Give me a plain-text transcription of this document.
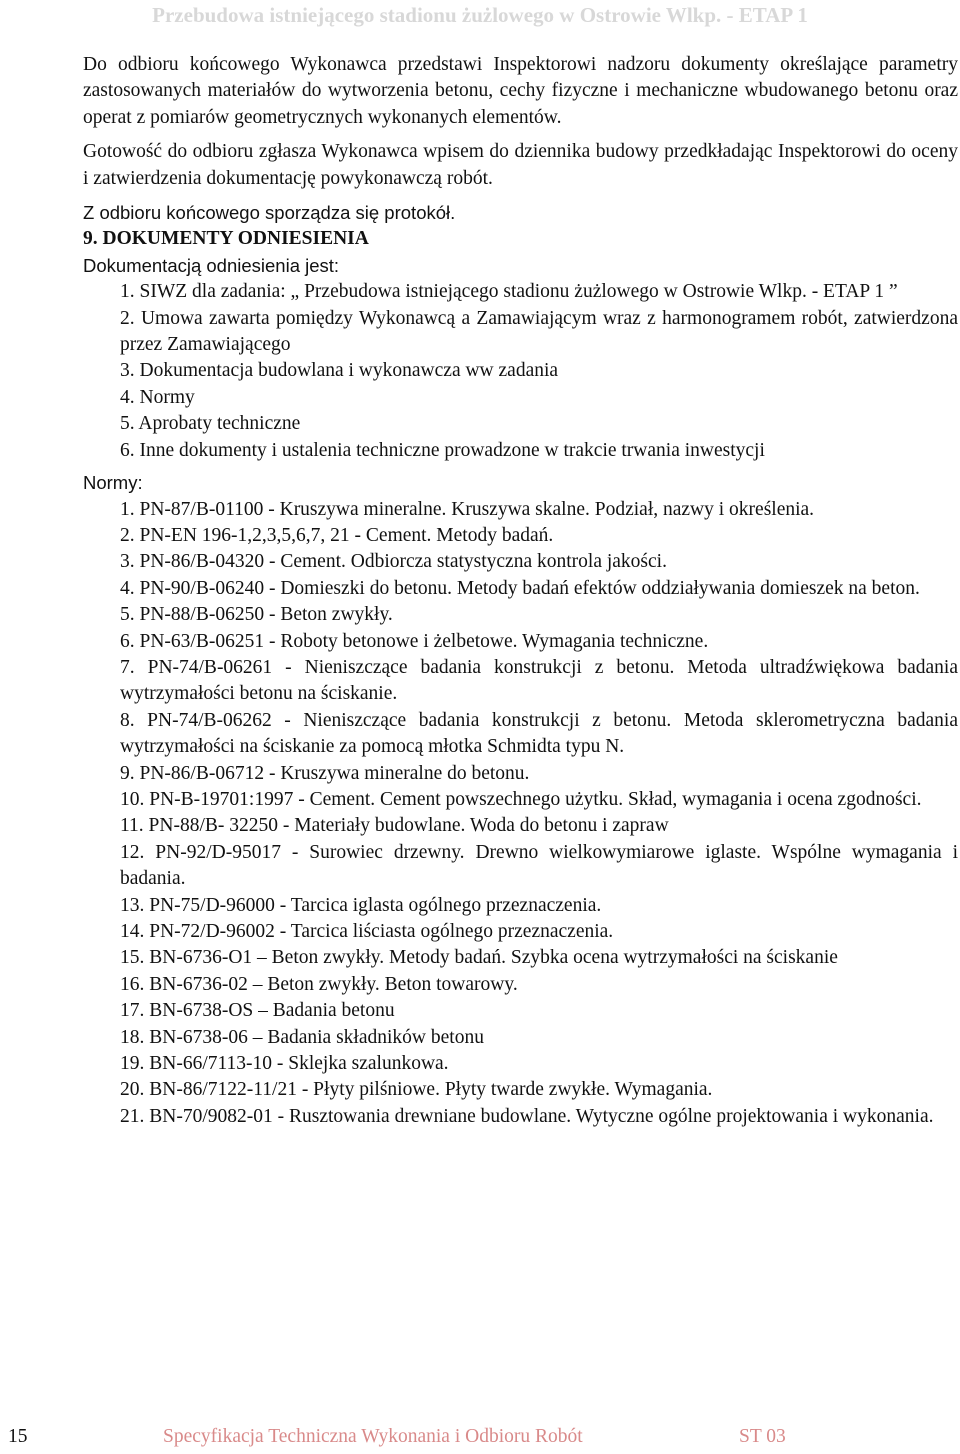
Przebudowa istniejącego stadionu żużlowego w Ostrowie Wlkp. - ETAP 1

Do odbioru końcowego Wykonawca przedstawi Inspektorowi nadzoru dokumenty określające parametry zastosowanych materiałów do wytworzenia betonu, cechy fizyczne i mechaniczne wbudowanego betonu oraz operat z pomiarów geometrycznych wykonanych elementów.

Gotowość do odbioru zgłasza Wykonawca wpisem do dziennika budowy przedkładając Inspektorowi do oceny i zatwierdzenia dokumentację powykonawczą robót.

Z odbioru końcowego sporządza się protokół.

9. DOKUMENTY ODNIESIENIA

Dokumentacją odniesienia jest:

1. SIWZ dla zadania: „ Przebudowa istniejącego stadionu żużlowego w Ostrowie Wlkp. - ETAP 1 ”
2. Umowa zawarta pomiędzy Wykonawcą a Zamawiającym wraz z harmonogramem robót, zatwierdzona przez Zamawiającego
3. Dokumentacja budowlana i wykonawcza ww zadania
4. Normy
5. Aprobaty techniczne
6. Inne dokumenty i ustalenia techniczne prowadzone w trakcie trwania inwestycji

Normy:

1. PN-87/B-01100 - Kruszywa mineralne. Kruszywa skalne. Podział, nazwy i określenia.
2. PN-EN 196-1,2,3,5,6,7, 21 - Cement. Metody badań.
3. PN-86/B-04320 - Cement. Odbiorcza statystyczna kontrola jakości.
4. PN-90/B-06240 - Domieszki do betonu. Metody badań efektów oddziaływania domieszek na beton.
5. PN-88/B-06250 - Beton zwykły.
6. PN-63/B-06251 - Roboty betonowe i żelbetowe. Wymagania techniczne.
7. PN-74/B-06261 - Nieniszczące badania konstrukcji z betonu. Metoda ultradźwiękowa badania wytrzymałości betonu na ściskanie.
8. PN-74/B-06262 - Nieniszczące badania konstrukcji z betonu. Metoda sklerometryczna badania wytrzymałości na ściskanie za pomocą młotka Schmidta typu N.
9. PN-86/B-06712 - Kruszywa mineralne do betonu.
10. PN-B-19701:1997 - Cement. Cement powszechnego użytku. Skład, wymagania i ocena zgodności.
11. PN-88/B- 32250 - Materiały budowlane. Woda do betonu i zapraw
12. PN-92/D-95017 - Surowiec drzewny. Drewno wielkowymiarowe iglaste. Wspólne wymagania i badania.
13. PN-75/D-96000 - Tarcica iglasta ogólnego przeznaczenia.
14. PN-72/D-96002 - Tarcica liściasta ogólnego przeznaczenia.
15. BN-6736-O1 – Beton zwykły. Metody badań. Szybka ocena wytrzymałości na ściskanie
16. BN-6736-02 – Beton zwykły. Beton towarowy.
17. BN-6738-OS – Badania betonu
18. BN-6738-06 – Badania składników betonu
19. BN-66/7113-10 - Sklejka szalunkowa.
20. BN-86/7122-11/21 - Płyty pilśniowe. Płyty twarde zwykłe. Wymagania.
21. BN-70/9082-01 - Rusztowania drewniane budowlane. Wytyczne ogólne projektowania i wykonania.
15	Specyfikacja Techniczna Wykonania i Odbioru Robót	ST 03
